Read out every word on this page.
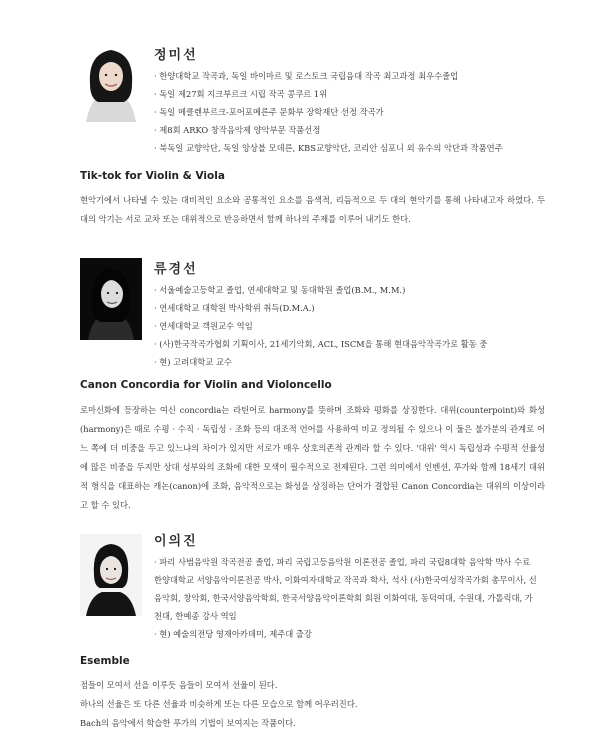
정미선
· 한양대학교 작곡과, 독일 바이마르 및 로스토크 국립음대 작곡 최고과정 최우수졸업
· 독일 제27회 지크부르크 시립 작곡 콩쿠르 1위
· 독일 메클렌부르크-포어포메른주 문화부 장학재단 선정 작곡가
· 제8회 ARKO 창작음악제 양악부문 작품선정
· 북독일 교향악단, 독일 앙상블 모데른, KBS교향악단, 코리안 심포니 외 유수의 악단과 작품연주
Tik-tok for Violin & Viola

현악기에서 나타낼 수 있는 대비적인 요소와 공통적인 요소를 음색적, 리듬적으로 두 대의 현악기를 통해 나타내고자 하였다. 두 대의 악기는 서로 교차 또는 대위적으로 반응하면서 함께 하나의 주제를 이루어 내기도 한다.

류경선
· 서울예술고등학교 졸업, 연세대학교 및 동대학원 졸업(B.M., M.M.)
· 연세대학교 대학원 박사학위 취득(D.M.A.)
· 연세대학교 객원교수 역임
· (사)한국작곡가협회 기획이사, 21세기악회, ACL, ISCM을 통해 현대음악작곡가로 활동 중
· 현) 고려대학교 교수
Canon Concordia for Violin and Violoncello

로마신화에 등장하는 여신 concordia는 라틴어로 harmony를 뜻하며 조화와 평화를 상징한다. 대위(counterpoint)와 화성(harmony)은 때로 수평 · 수직 · 독립성 · 조화 등의 대조적 언어를 사용하여 비교 정의될 수 있으나 이 둘은 불가분의 관계로 어느 쪽에 더 비중을 두고 있느냐의 차이가 있지만 서로가 매우 상호의존적 관계라 할 수 있다. '대위' 역시 독립성과 수평적 선율성에 많은 비중을 두지만 상대 성부와의 조화에 대한 모색이 필수적으로 전제된다. 그런 의미에서 인벤션, 푸가와 함께 18세기 대위적 형식을 대표하는 캐논(canon)에 조화, 음악적으로는 화성을 상징하는 단어가 결합된 Canon Concordia는 대위의 이상이라고 할 수 있다.

이의진
· 파리 사범음악원 작곡전공 졸업, 파리 국립고등음악원 이론전공 졸업, 파리 국립8대학 음악학 박사 수료 한양대학교 서양음악이론전공 박사, 이화여자대학교 작곡과 학사, 석사 (사)한국여성작곡가회 총무이사, 신음악회, 창악회, 한국서양음악학회, 한국서양음악이론학회 회원 이화여대, 동덕여대, 수원대, 가톨릭대, 가천대, 한예종 강사 역임
· 현) 예술의전당 영재아카데미, 제주대 출강
Esemble
점들이 모여서 선을 이루듯 음들이 모여서 선율이 된다.
하나의 선율은 또 다른 선율과 비슷하게 또는 다른 모습으로 함께 어우러진다.
Bach의 음악에서 학습한 푸가의 기법이 보여지는 작품이다.
